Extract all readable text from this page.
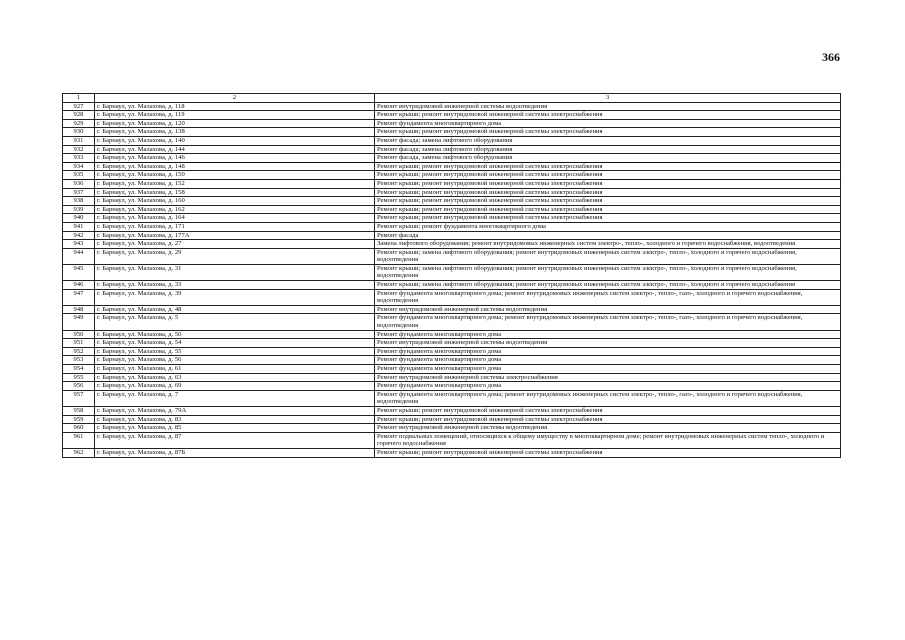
366
1	2	3
927	г. Барнаул, ул. Малахова, д. 118	Ремонт внутридомовой инженерной системы водоотведения
928	г. Барнаул, ул. Малахова, д. 119	Ремонт крыши; ремонт внутридомовой инженерной системы электроснабжения
929	г. Барнаул, ул. Малахова, д. 120	Ремонт фундамента многоквартирного дома
930	г. Барнаул, ул. Малахова, д. 138	Ремонт крыши; ремонт внутридомовой инженерной системы электроснабжения
931	г. Барнаул, ул. Малахова, д. 140	Ремонт фасада; замена лифтового оборудования
932	г. Барнаул, ул. Малахова, д. 144	Ремонт фасада; замена лифтового оборудования
933	г. Барнаул, ул. Малахова, д. 146	Ремонт фасада, замена лифтового оборудования
934	г. Барнаул, ул. Малахова, д. 148	Ремонт крыши; ремонт внутридомовой инженерной системы электроснабжения
935	г. Барнаул, ул. Малахова, д. 150	Ремонт крыши; ремонт внутридомовой инженерной системы электроснабжения
936	г. Барнаул, ул. Малахова, д. 152	Ремонт крыши; ремонт внутридомовой инженерной системы электроснабжения
937	г. Барнаул, ул. Малахова, д. 158	Ремонт крыши; ремонт внутридомовой инженерной системы электроснабжения
938	г. Барнаул, ул. Малахова, д. 160	Ремонт крыши; ремонт внутридомовой инженерной системы электроснабжения
939	г. Барнаул, ул. Малахова, д. 162	Ремонт крыши; ремонт внутридомовой инженерной системы электроснабжения
940	г. Барнаул, ул. Малахова, д. 164	Ремонт крыши; ремонт внутридомовой инженерной системы электроснабжения
941	г. Барнаул, ул. Малахова, д. 171	Ремонт крыши; ремонт фундамента многоквартирного дома
942	г. Барнаул, ул. Малахова, д. 177А	Ремонт фасада
943	г. Барнаул, ул. Малахова, д. 27	Замена лифтового оборудования; ремонт внутридомовых инженерных систем электро-, тепло-, холодного и горячего водоснабжения, водоотведения
944	г. Барнаул, ул. Малахова, д. 29	Ремонт крыши; замена лифтового оборудования; ремонт внутридомовых инженерных систем электро-, тепло-, холодного и горячего водоснабжения, водоотведения
945	г. Барнаул, ул. Малахова, д. 31	Ремонт крыши; замена лифтового оборудования; ремонт внутридомовых инженерных систем электро-, тепло-, холодного и горячего водоснабжения, водоотведения
946	г. Барнаул, ул. Малахова, д. 33	Ремонт крыши; замена лифтового оборудования; ремонт внутридомовых инженерных систем электро-, тепло-, холодного и горячего водоснабжения
947	г. Барнаул, ул. Малахова, д. 39	Ремонт фундамента многоквартирного дома; ремонт внутридомовых инженерных систем электро-, тепло-, газо-, холодного и горячего водоснабжения, водоотведения
948	г. Барнаул, ул. Малахова, д. 48	Ремонт внутридомовой инженерной системы водоотведения
949	г. Барнаул, ул. Малахова, д. 5	Ремонт фундамента многоквартирного дома; ремонт внутридомовых инженерных систем электро-, тепло-, газо-, холодного и горячего водоснабжения, водоотведения
950	г. Барнаул, ул. Малахова, д. 50	Ремонт фундамента многоквартирного дома
951	г. Барнаул, ул. Малахова, д. 54	Ремонт внутридомовой инженерной системы водоотведения
952	г. Барнаул, ул. Малахова, д. 55	Ремонт фундамента многоквартирного дома
953	г. Барнаул, ул. Малахова, д. 56	Ремонт фундамента многоквартирного дома
954	г. Барнаул, ул. Малахова, д. 61	Ремонт фундамента многоквартирного дома
955	г. Барнаул, ул. Малахова, д. 63	Ремонт внутридомовой инженерной системы электроснабжения
956	г. Барнаул, ул. Малахова, д. 69	Ремонт фундамента многоквартирного дома
957	г. Барнаул, ул. Малахова, д. 7	Ремонт фундамента многоквартирного дома; ремонт внутридомовых инженерных систем электро-, тепло-, газо-, холодного и горячего водоснабжения, водоотведения
958	г. Барнаул, ул. Малахова, д. 79А	Ремонт крыши; ремонт внутридомовой инженерной системы электроснабжения
959	г. Барнаул, ул. Малахова, д. 83	Ремонт крыши; ремонт внутридомовой инженерной системы электроснабжения
960	г. Барнаул, ул. Малахова, д. 85	Ремонт внутридомовой инженерной системы водоотведения
961	г. Барнаул, ул. Малахова, д. 87	Ремонт подвальных помещений, относящихся к общему имуществу в многоквартирном доме; ремонт внутридомовых инженерных систем тепло-, холодного и горячего водоснабжения
962	г. Барнаул, ул. Малахова, д. 87Б	Ремонт крыши; ремонт внутридомовой инженерной системы электроснабжения
